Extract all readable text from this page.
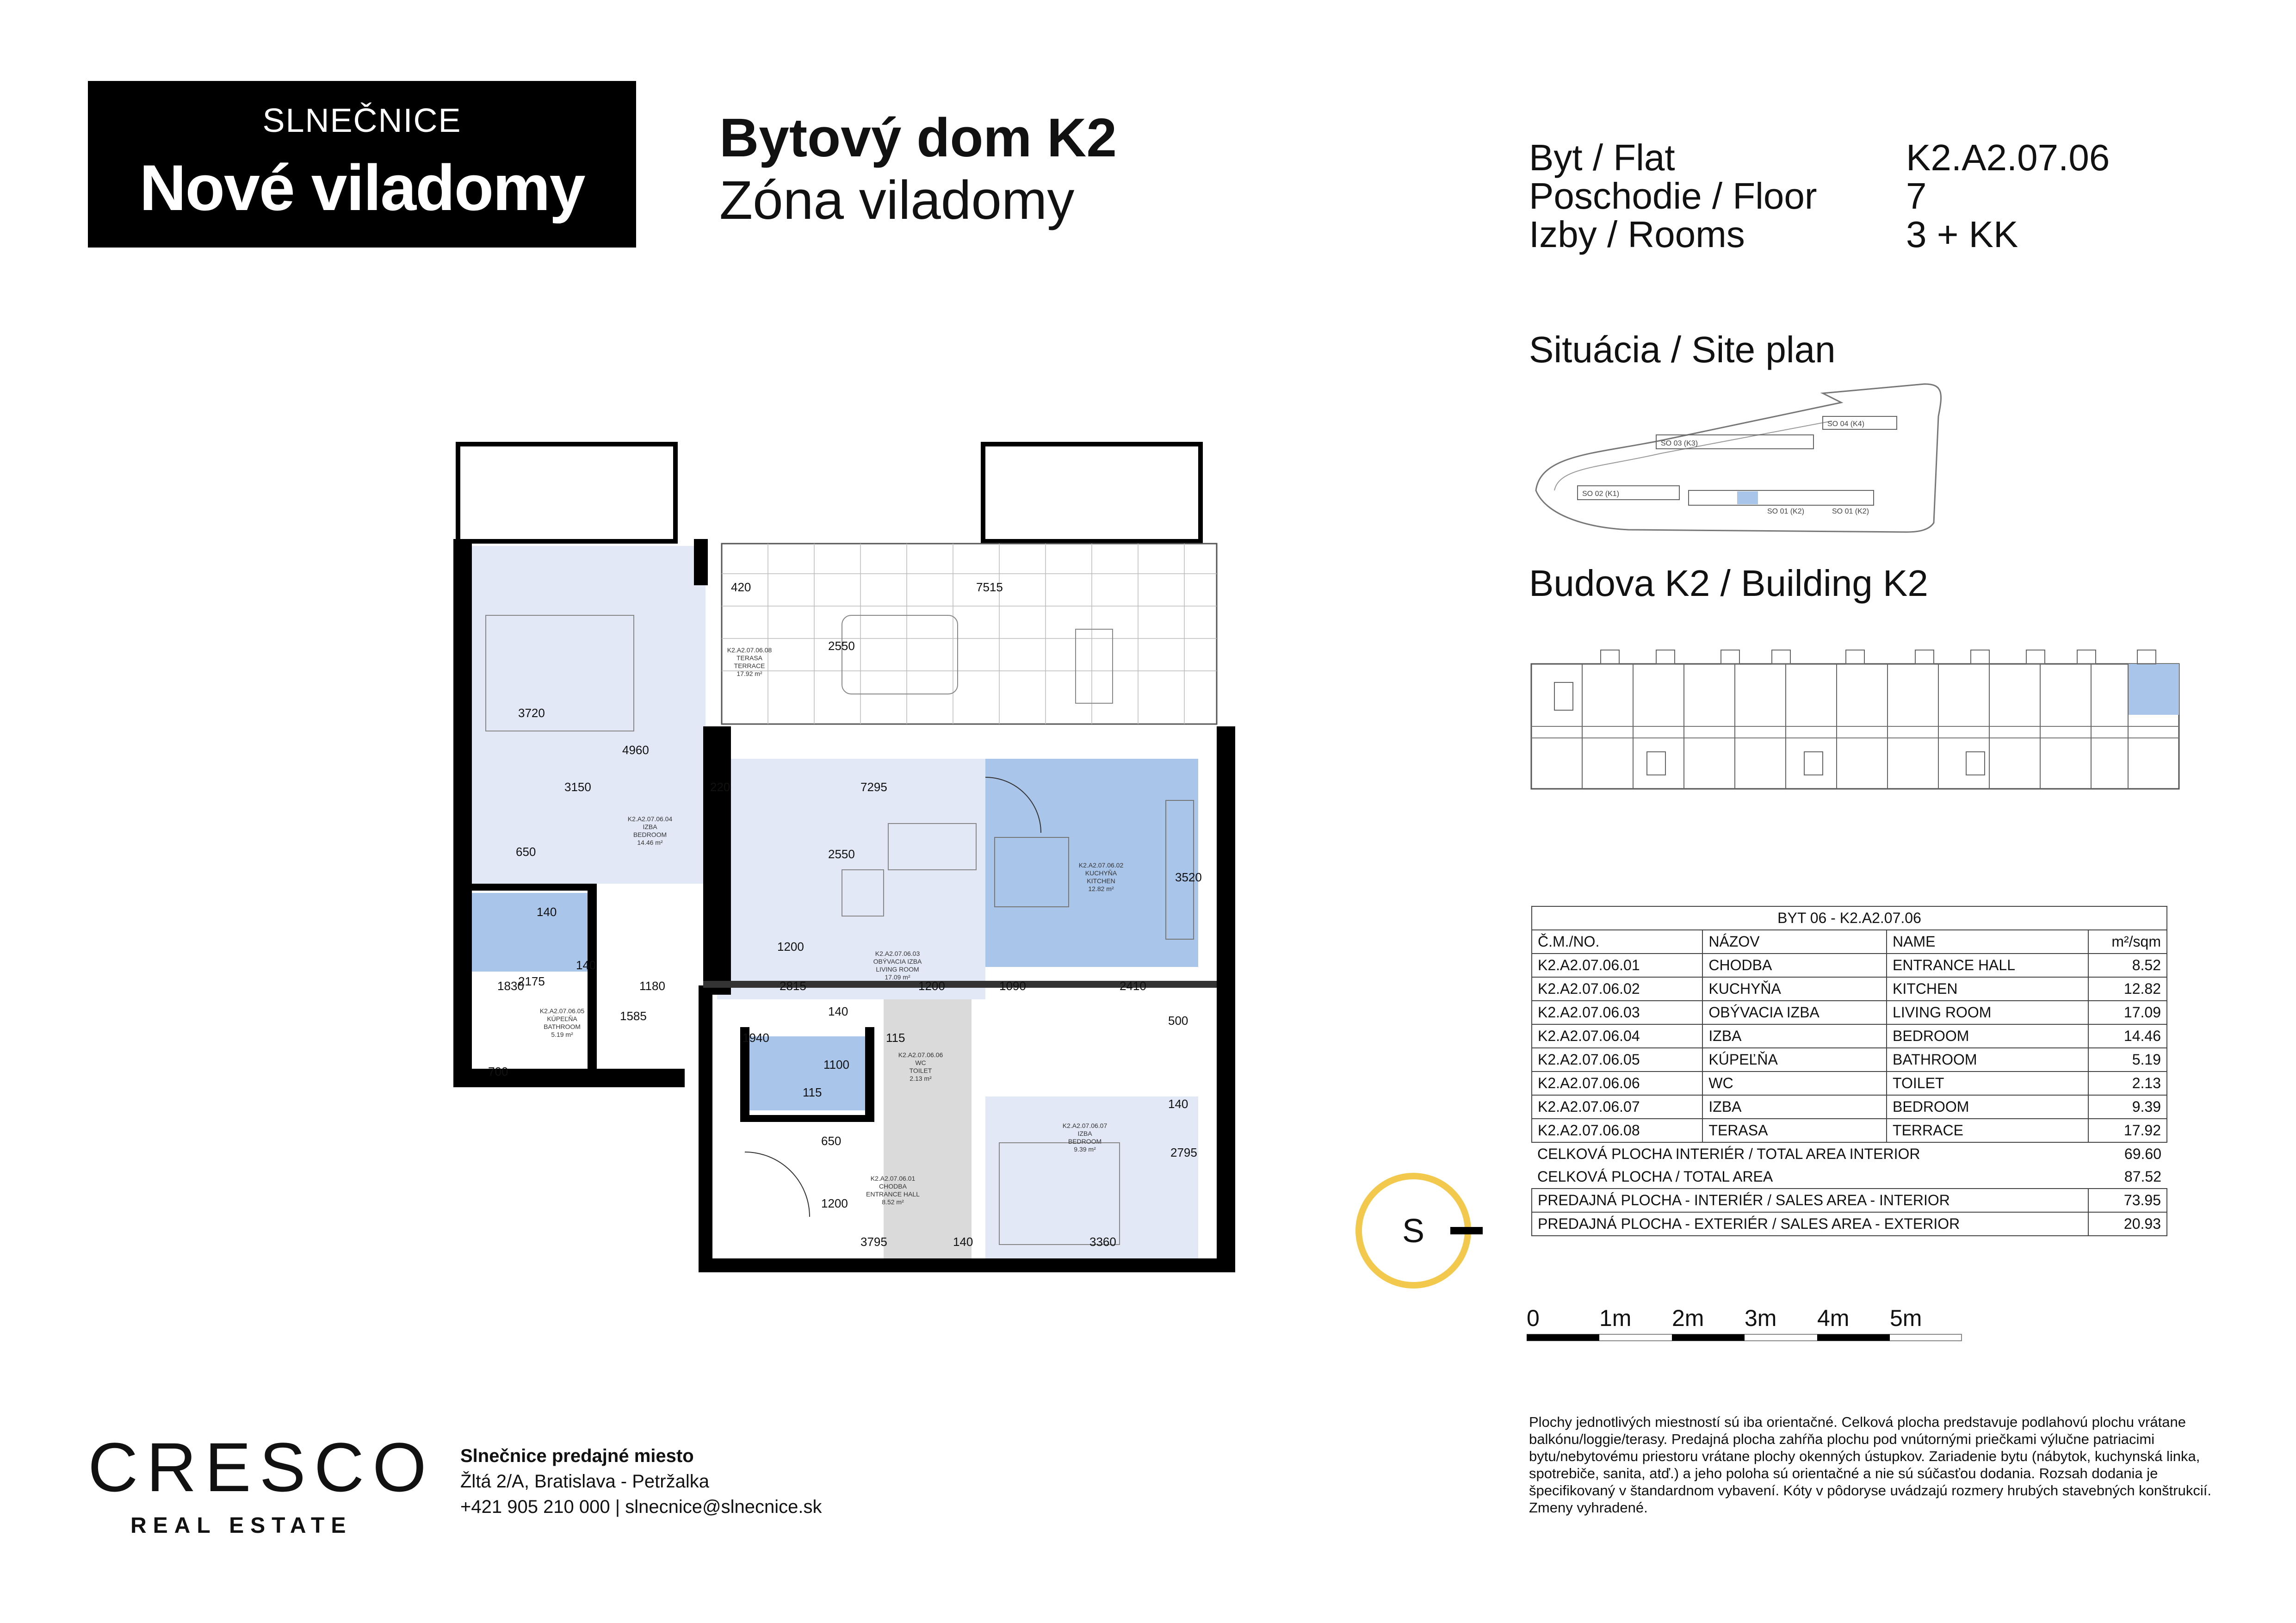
SLNEČNICE
Nové viladomy
Bytový dom K2
Zóna viladomy
Byt / Flat	K2.A2.07.06
Poschodie / Floor 7
Izby / Rooms	3 + KK
Situácia / Site plan
SO 03 (K3)
SO 04 (K4)
SO 02 (K1)
SO 01 (K2)	SO 01 (K2)
Budova K2 / Building K2
K2.A2.07.06.08
TERASA
TERRACE
17.92 m²
K2.A2.07.06.04
IZBA
BEDROOM
14.46 m²
K2.A2.07.06.03
OBÝVACIA IZBA
LIVING ROOM
17.09 m²
K2.A2.07.06.02
KUCHYŇA
KITCHEN
12.82 m²
K2.A2.07.06.05
KÚPEĽŇA
BATHROOM
5.19 m²
K2.A2.07.06.06
WC
TOILET
2.13 m²
K2.A2.07.06.07
IZBA
BEDROOM
9.39 m²
K2.A2.07.06.01
CHODBA
ENTRANCE HALL
8.52 m²
420	7515
2550
3720
4960
3150	220	7295
650
140
2550
3520
1200
2175
140
1830	1180	2815	1200	1090	2410
1585	140
500
1940	115
1100
115
700
650
140
2795
1200
3795	140	3360	S
BYT 06 - K2.A2.07.06			
Č.M./NO.	NÁZOV	NAME	m²/sqm
K2.A2.07.06.01	CHODBA	ENTRANCE HALL	8.52
K2.A2.07.06.02	KUCHYŇA	KITCHEN	12.82
K2.A2.07.06.03	OBÝVACIA IZBA	LIVING ROOM	17.09
K2.A2.07.06.04	IZBA	BEDROOM	14.46
K2.A2.07.06.05	KÚPEĽŇA	BATHROOM	5.19
K2.A2.07.06.06	WC	TOILET	2.13
K2.A2.07.06.07	IZBA	BEDROOM	9.39
K2.A2.07.06.08	TERASA	TERRACE	17.92
CELKOVÁ PLOCHA INTERIÉR / TOTAL AREA INTERIOR			69.60
CELKOVÁ PLOCHA / TOTAL AREA			87.52
PREDAJNÁ PLOCHA - INTERIÉR / SALES AREA - INTERIOR			73.95
PREDAJNÁ PLOCHA - EXTERIÉR / SALES AREA - EXTERIOR			20.93
0	1m 2m 3m 4m 5m
CRESCO
REAL ESTATE
Slnečnice predajné miesto
Žltá 2/A, Bratislava - Petržalka
+421 905 210 000 | slnecnice@slnecnice.sk
Plochy jednotlivých miestností sú iba orientačné. Celková plocha predstavuje podlahovú plochu vrátane balkónu/loggie/terasy. Predajná plocha zahŕňa plochu pod vnútornými priečkami výlučne patriacimi bytu/nebytovému priestoru vrátane plochy okenných ústupkov. Zariadenie bytu (nábytok, kuchynská linka, spotrebiče, sanita, atď.) a jeho poloha sú orientačné a nie sú súčasťou dodania. Rozsah dodania je špecifikovaný v štandardnom vybavení. Kóty v pôdoryse uvádzajú rozmery hrubých stavebných konštrukcií. Zmeny vyhradené.
